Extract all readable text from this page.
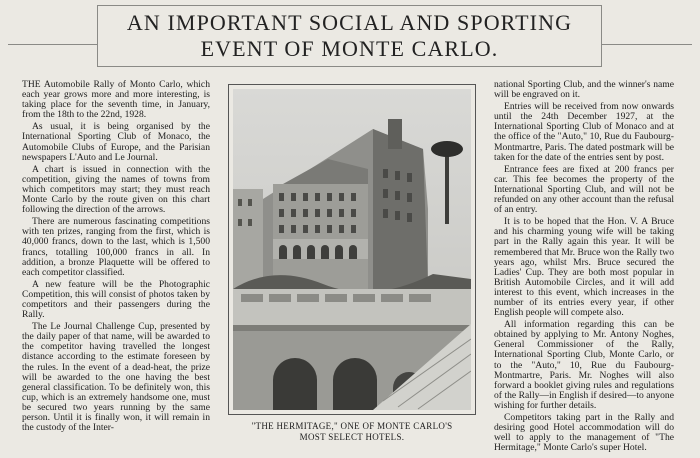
AN IMPORTANT SOCIAL AND SPORTING
EVENT OF MONTE CARLO.

THE Automobile Rally of Monto Carlo, which each year grows more and more interesting, is taking place for the seventh time, in January, from the 18th to the 22nd, 1928.

As usual, it is being organised by the International Sporting Club of Monaco, the Automobile Clubs of Europe, and the Parisian newspapers L'Auto and Le Journal.

A chart is issued in connection with the competition, giving the names of towns from which competitors may start; they must reach Monte Carlo by the route given on this chart following the direction of the arrows.

There are numerous fascinating competitions with ten prizes, ranging from the first, which is 40,000 francs, down to the last, which is 1,500 francs, totalling 100,000 francs in all. In addition, a bronze Plaquette will be offered to each competitor classified.

A new feature will be the Photographic Competition, this will consist of photos taken by competitors and their passengers during the Rally.

The Le Journal Challenge Cup, presented by the daily paper of that name, will be awarded to the competitor having travelled the longest distance according to the estimate foreseen by the rules. In the event of a dead-heat, the prize will be awarded to the one having the best general classification. To be definitely won, this cup, which is an extremely handsome one, must be secured two years running by the same person. Until it is finally won, it will remain in the custody of the Inter-	"THE HERMITAGE," ONE OF MONTE CARLO'S
MOST SELECT HOTELS.

national Sporting Club, and the winner's name will be engraved on it.

Entries will be received from now onwards until the 24th December 1927, at the International Sporting Club of Monaco and at the office of the "Auto," 10, Rue du Faubourg-Montmartre, Paris. The dated postmark will be taken for the date of the entries sent by post.

Entrance fees are fixed at 200 francs per car. This fee becomes the property of the International Sporting Club, and will not be refunded on any other account than the refusal of an entry.

It is to be hoped that the Hon. V. A Bruce and his charming young wife will be taking part in the Rally again this year. It will be remembered that Mr. Bruce won the Rally two years ago, whilst Mrs. Bruce secured the Ladies' Cup. They are both most popular in British Automobile Circles, and it will add interest to this event, which increases in the number of its entries every year, if other English people will compete also.

All information regarding this can be obtained by applying to Mr. Antony Noghes, General Commissioner of the Rally, International Sporting Club, Monte Carlo, or to the "Auto," 10, Rue du Faubourg-Montmartre, Paris. Mr. Noghes will also forward a booklet giving rules and regulations of the Rally—in English if desired—to anyone wishing for further details.

Competitors taking part in the Rally and desiring good Hotel accommodation will do well to apply to the management of "The Hermitage," Monte Carlo's super Hotel.
